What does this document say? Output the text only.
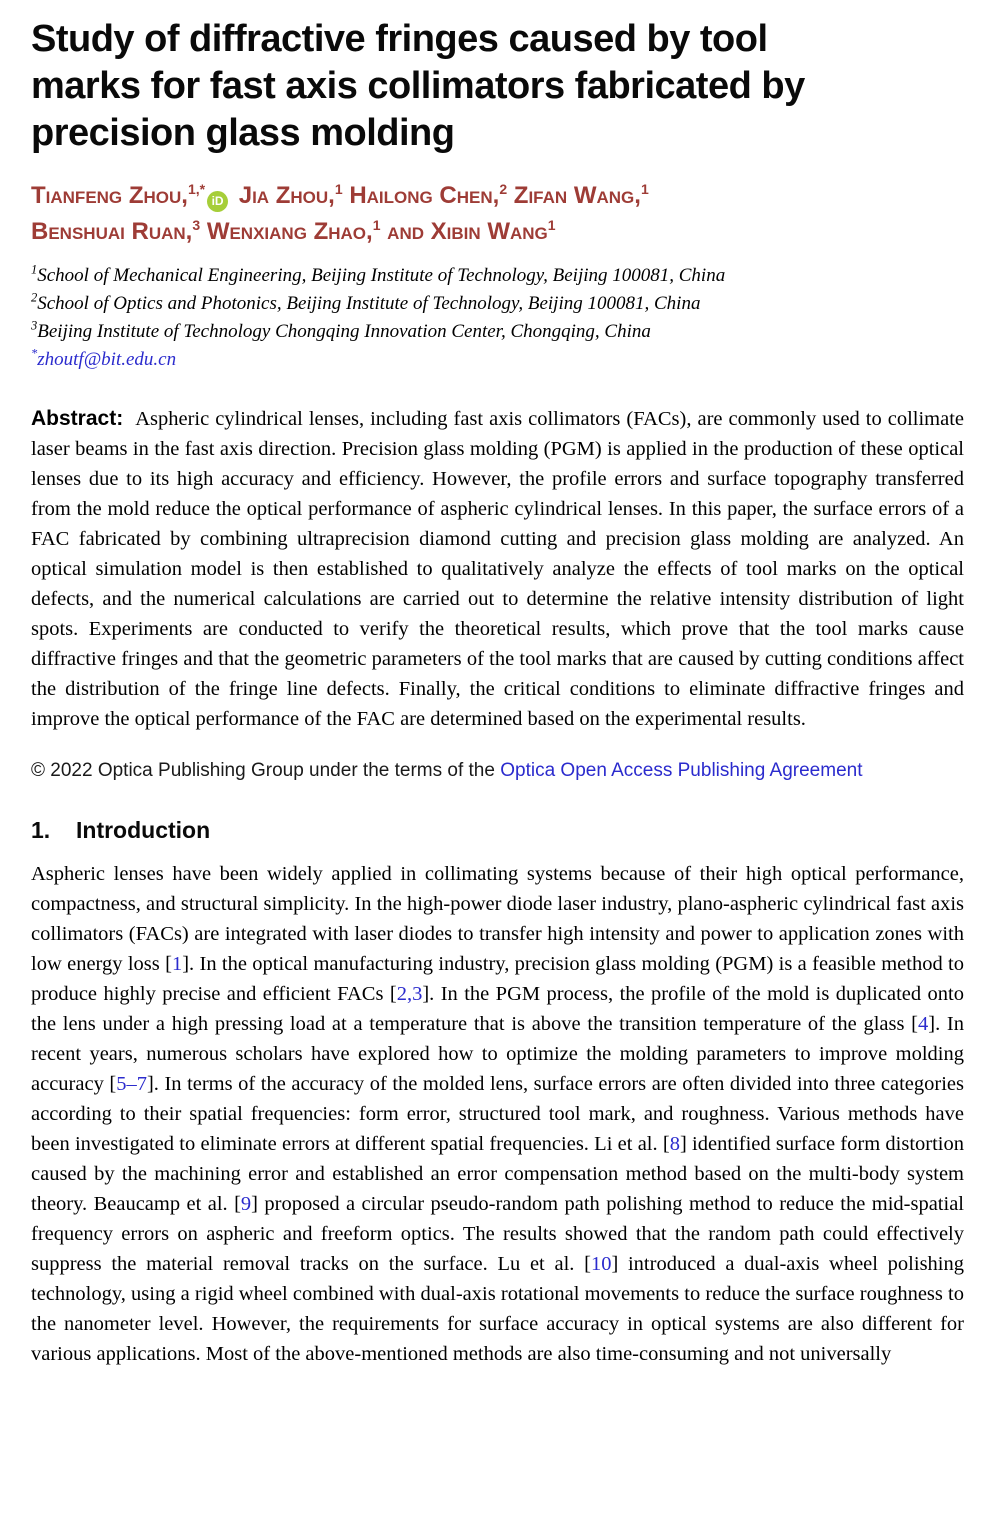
Study of diffractive fringes caused by tool
marks for fast axis collimators fabricated by
precision glass molding
Tianfeng Zhou,$^{1,*}$iD Jia Zhou,$^1$ Hailong Chen,$^2$ Zifan Wang,$^1$
Benshuai Ruan,$^3$ Wenxiang Zhao,$^1$ and Xibin Wang$^1$
$^1$School of Mechanical Engineering, Beijing Institute of Technology, Beijing 100081, China
$^2$School of Optics and Photonics, Beijing Institute of Technology, Beijing 100081, China
$^3$Beijing Institute of Technology Chongqing Innovation Center, Chongqing, China
*zhoutf@bit.edu.cn

Abstract: Aspheric cylindrical lenses, including fast axis collimators (FACs), are commonly used to collimate laser beams in the fast axis direction. Precision glass molding (PGM) is applied in the production of these optical lenses due to its high accuracy and efficiency. However, the profile errors and surface topography transferred from the mold reduce the optical performance of aspheric cylindrical lenses. In this paper, the surface errors of a FAC fabricated by combining ultraprecision diamond cutting and precision glass molding are analyzed. An optical simulation model is then established to qualitatively analyze the effects of tool marks on the optical defects, and the numerical calculations are carried out to determine the relative intensity distribution of light spots. Experiments are conducted to verify the theoretical results, which prove that the tool marks cause diffractive fringes and that the geometric parameters of the tool marks that are caused by cutting conditions affect the distribution of the fringe line defects. Finally, the critical conditions to eliminate diffractive fringes and improve the optical performance of the FAC are determined based on the experimental results.

© 2022 Optica Publishing Group under the terms of the Optica Open Access Publishing Agreement

1. Introduction

Aspheric lenses have been widely applied in collimating systems because of their high optical performance, compactness, and structural simplicity. In the high-power diode laser industry, plano-aspheric cylindrical fast axis collimators (FACs) are integrated with laser diodes to transfer high intensity and power to application zones with low energy loss [1]. In the optical manufacturing industry, precision glass molding (PGM) is a feasible method to produce highly precise and efficient FACs [2,3]. In the PGM process, the profile of the mold is duplicated onto the lens under a high pressing load at a temperature that is above the transition temperature of the glass [4]. In recent years, numerous scholars have explored how to optimize the molding parameters to improve molding accuracy [5–7]. In terms of the accuracy of the molded lens, surface errors are often divided into three categories according to their spatial frequencies: form error, structured tool mark, and roughness. Various methods have been investigated to eliminate errors at different spatial frequencies. Li et al. [8] identified surface form distortion caused by the machining error and established an error compensation method based on the multi-body system theory. Beaucamp et al. [9] proposed a circular pseudo-random path polishing method to reduce the mid-spatial frequency errors on aspheric and freeform optics. The results showed that the random path could effectively suppress the material removal tracks on the surface. Lu et al. [10] introduced a dual-axis wheel polishing technology, using a rigid wheel combined with dual-axis rotational movements to reduce the surface roughness to the nanometer level. However, the requirements for surface accuracy in optical systems are also different for various applications. Most of the above-mentioned methods are also time-consuming and not universally
